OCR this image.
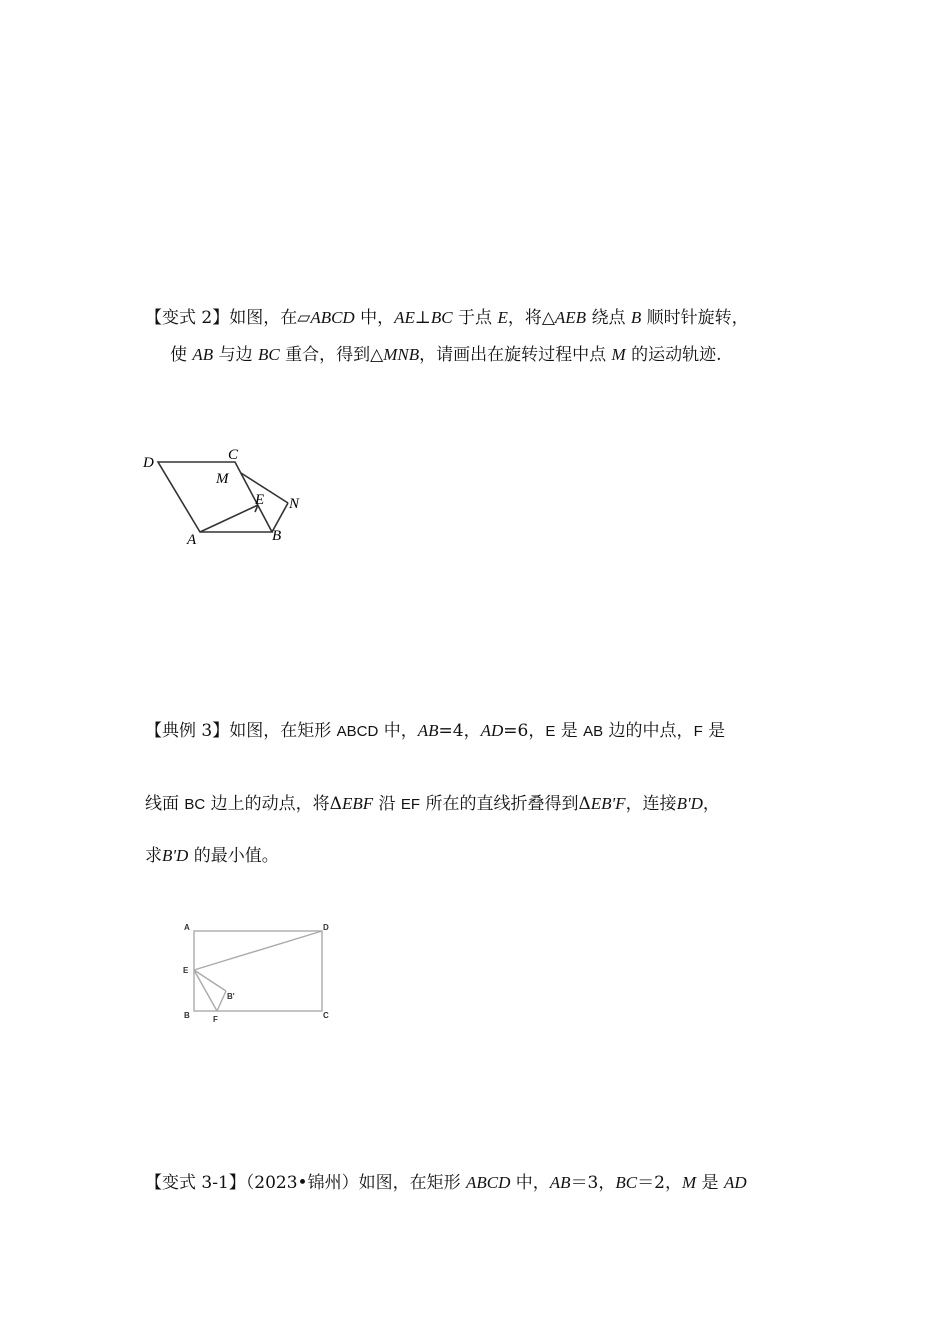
【变式 2】如图，在▱ABCD 中，AE⊥BC 于点 E，将△AEB 绕点 B 顺时针旋转，
使 AB 与边 BC 重合，得到△MNB，请画出在旋转过程中点 M 的运动轨迹.
D	C
M
E N
A	B
【典例 3】如图，在矩形 ABCD 中，AB=4，AD=6，E 是 AB 边的中点，F 是
线面 BC 边上的动点，将ΔEBF 沿 EF 所在的直线折叠得到ΔEB'F，连接B'D，
求B'D 的最小值。
A	D
E
B'
B	F	C
【变式 3-1】（2023•锦州）如图，在矩形 ABCD 中，AB＝3，BC＝2，M 是 AD
